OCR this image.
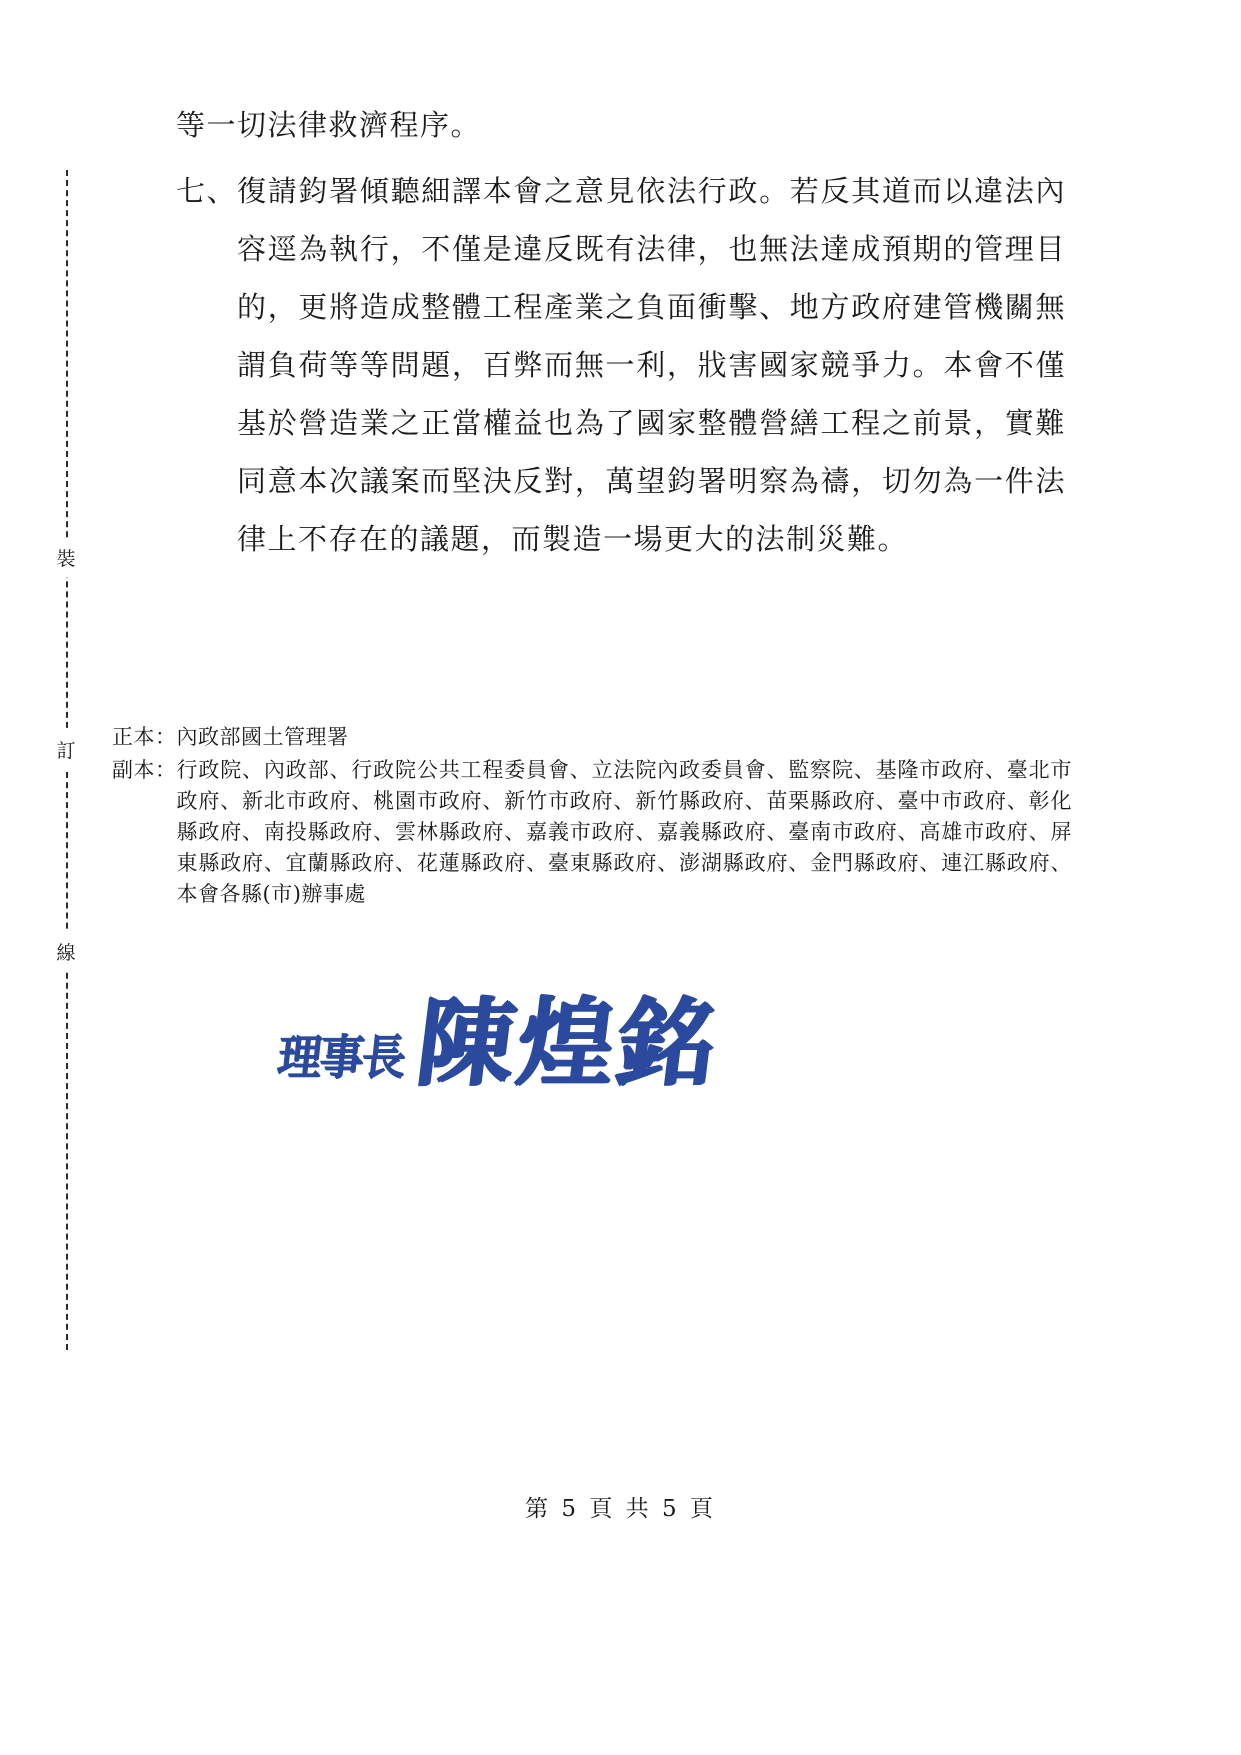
裝
訂
線

等一切法律救濟程序。

七、 復請鈞署傾聽細譯本會之意見依法行政。若反其道而以違法內容逕為執行，不僅是違反既有法律，也無法達成預期的管理目的，更將造成整體工程產業之負面衝擊、地方政府建管機關無謂負荷等等問題，百弊而無一利，戕害國家競爭力。本會不僅基於營造業之正當權益也為了國家整體營繕工程之前景，實難同意本次議案而堅決反對，萬望鈞署明察為禱，切勿為一件法律上不存在的議題，而製造一場更大的法制災難。
正本： 內政部國土管理署
副本： 行政院、內政部、行政院公共工程委員會、立法院內政委員會、監察院、基隆市政府、臺北市政府、新北市政府、桃園市政府、新竹市政府、新竹縣政府、苗栗縣政府、臺中市政府、彰化縣政府、南投縣政府、雲林縣政府、嘉義市政府、嘉義縣政府、臺南市政府、高雄市政府、屏東縣政府、宜蘭縣政府、花蓮縣政府、臺東縣政府、澎湖縣政府、金門縣政府、連江縣政府、本會各縣(市)辦事處
理事長 陳煌銘
第 5 頁 共 5 頁
